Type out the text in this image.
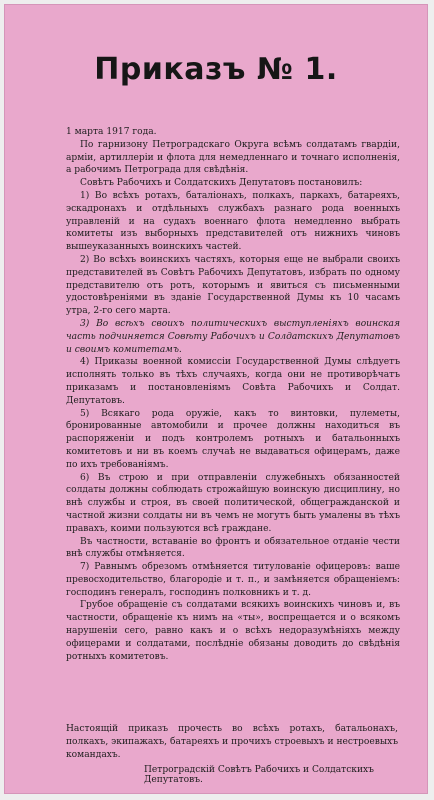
Приказъ № 1.

1 марта 1917 года.

По гарнизону Петроградскаго Округа всѣмъ солдатамъ гвардіи, арміи, артиллеріи и флота для немедленнаго и точнаго исполненія, а рабочимъ Петрограда для свѣдѣнія.

Совѣтъ Рабочихъ и Солдатскихъ Депутатовъ постановилъ:

1) Во всѣхъ ротахъ, баталіонахъ, полкахъ, паркахъ, батареяхъ, эскадронахъ и отдѣльныхъ службахъ разнаго рода военныхъ управленій и на судахъ военнаго флота немедленно выбрать комитеты изъ выборныхъ представителей отъ нижнихъ чиновъ вышеуказанныхъ воинскихъ частей.

2) Во всѣхъ воинскихъ частяхъ, которыя еще не выбрали своихъ представителей въ Совѣтъ Рабочихъ Депутатовъ, избрать по одному представителю отъ ротъ, которымъ и явиться съ письменными удостовѣреніями въ зданіе Государственной Думы къ 10 часамъ утра, 2-го сего марта.

3) Во всѣхъ своихъ политическихъ выступленіяхъ воинская часть подчиняется Совѣту Рабочихъ и Солдатскихъ Депутатовъ и своимъ комитетамъ.

4) Приказы военной комиссіи Государственной Думы слѣдуетъ исполнять только въ тѣхъ случаяхъ, когда они не противорѣчатъ приказамъ и постановленіямъ Совѣта Рабочихъ и Солдат. Депутатовъ.

5) Всякаго рода оружіе, какъ то винтовки, пулеметы, бронированные автомобили и прочее должны находиться въ распоряженіи и подъ контролемъ ротныхъ и батальонныхъ комитетовъ и ни въ коемъ случаѣ не выдаваться офицерамъ, даже по ихъ требованіямъ.

6) Въ строю и при отправленіи служебныхъ обязанностей солдаты должны соблюдать строжайшую воинскую дисциплину, но внѣ службы и строя, въ своей политической, общегражданской и частной жизни солдаты ни въ чемъ не могутъ быть умалены въ тѣхъ правахъ, коими пользуются всѣ граждане.

Въ частности, вставаніе во фронтъ и обязательное отданіе чести внѣ службы отмѣняется.

7) Равнымъ обрезомъ отмѣняется титулованіе офицеровъ: ваше превосходительство, благородіе и т. п., и замѣняется обращеніемъ: господинъ генералъ, господинъ полковникъ и т. д.

Грубое обращеніе съ солдатами всякихъ воинскихъ чиновъ и, въ частности, обращеніе къ нимъ на «ты», воспрещается и о всякомъ нарушеніи сего, равно какъ и о всѣхъ недоразумѣніяхъ между офицерами и солдатами, послѣдніе обязаны доводить до свѣдѣнія ротныхъ комитетовъ.

Настоящій приказъ прочесть во всѣхъ ротахъ, батальонахъ, полкахъ, экипажахъ, батареяхъ и прочихъ строевыхъ и нестроевыхъ командахъ.
Петроградскій Совѣтъ Рабочихъ и Солдатскихъ Депутатовъ.
